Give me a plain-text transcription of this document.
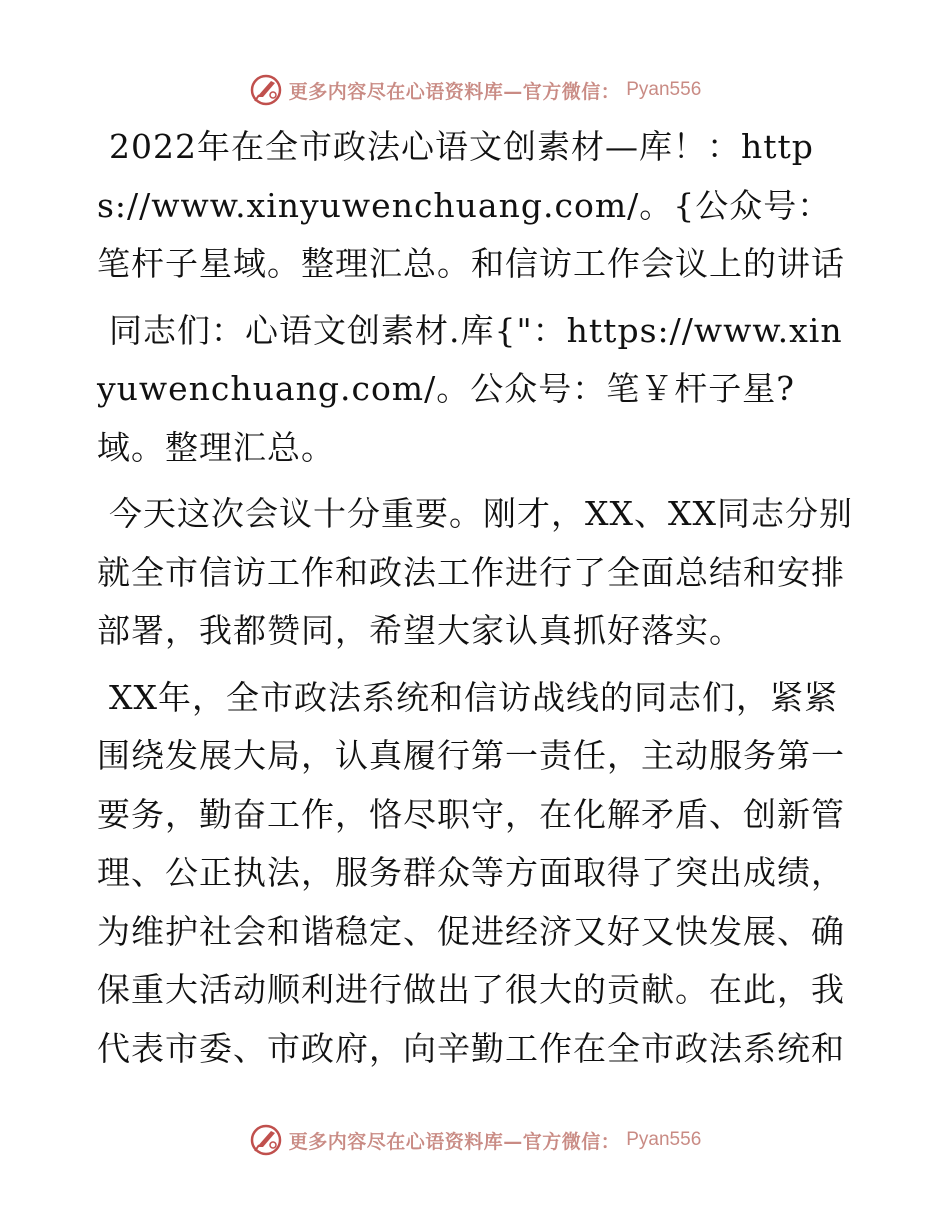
更多内容尽在心语资料库—官方微信： Pyan556

2022年在全市政法心语文创素材—库！：https://www.xinyuwenchuang.com/。{公众号：笔杆子星域。整理汇总。和信访工作会议上的讲话

同志们：心语文创素材.库{"：https://www.xinyuwenchuang.com/。公众号：笔￥杆子星?域。整理汇总。

今天这次会议十分重要。刚才，XX、XX同志分别就全市信访工作和政法工作进行了全面总结和安排部署，我都赞同，希望大家认真抓好落实。

XX年，全市政法系统和信访战线的同志们，紧紧围绕发展大局，认真履行第一责任，主动服务第一要务，勤奋工作，恪尽职守，在化解矛盾、创新管理、公正执法，服务群众等方面取得了突出成绩，为维护社会和谐稳定、促进经济又好又快发展、确保重大活动顺利进行做出了很大的贡献。在此，我代表市委、市政府，向辛勤工作在全市政法系统和

更多内容尽在心语资料库—官方微信： Pyan556
